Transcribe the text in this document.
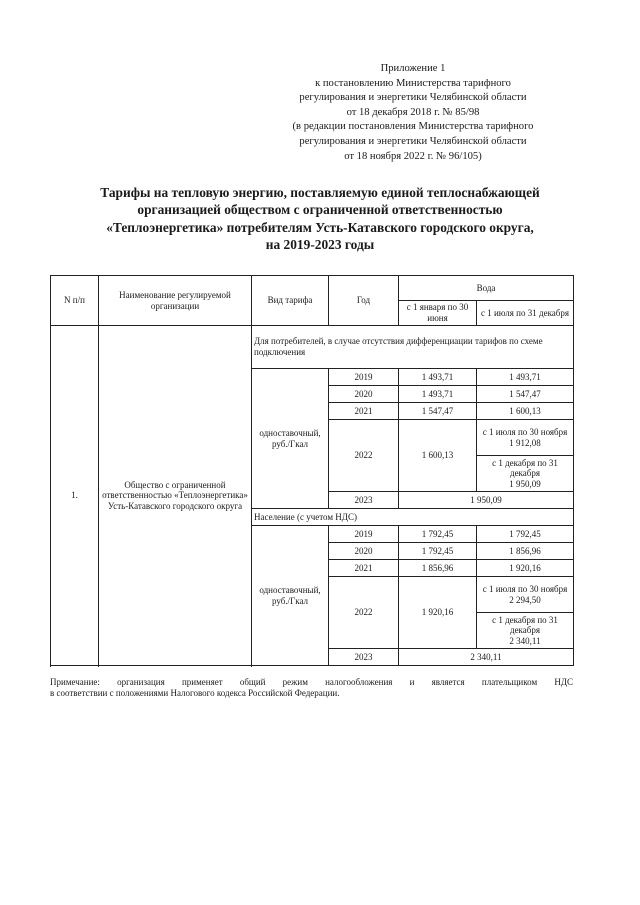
Приложение 1
к постановлению Министерства тарифного
регулирования и энергетики Челябинской области
от 18 декабря 2018 г. № 85/98
(в редакции постановления Министерства тарифного
регулирования и энергетики Челябинской области
от 18 ноября 2022 г. № 96/105)
Тарифы на тепловую энергию, поставляемую единой теплоснабжающей
организацией обществом с ограниченной ответственностью
«Теплоэнергетика» потребителям Усть-Катавского городского округа,
на 2019-2023 годы
N п/п	Наименование регулируемой организации	Вид тарифа	Год	Вода	
				с 1 января по 30 июня	с 1 июля по 31 декабря
1.	Общество с ограниченной ответственностью «Теплоэнергетика» Усть-Катавского городского округа	Для потребителей, в случае отсутствия дифференциации тарифов по схеме подключения			
		одноставочный, руб./Гкал	2019	1 493,71	1 493,71
			2020	1 493,71	1 547,47
			2021	1 547,47	1 600,13
			2022	1 600,13	с 1 июля по 30 ноября
1 912,08

					с 1 декабря по 31 декабря
1 950,09

			2023	1 950,09	

		Население (с учетом НДС)			
		одноставочный, руб./Гкал	2019	1 792,45	1 792,45
			2020	1 792,45	1 856,96
			2021	1 856,96	1 920,16
			2022	1 920,16	с 1 июля по 30 ноября
2 294,50

					с 1 декабря по 31 декабря
2 340,11

			2023	2 340,11	

Примечание: организация применяет общий режим налогообложения и является плательщиком НДС
в соответствии с положениями Налогового кодекса Российской Федерации.
